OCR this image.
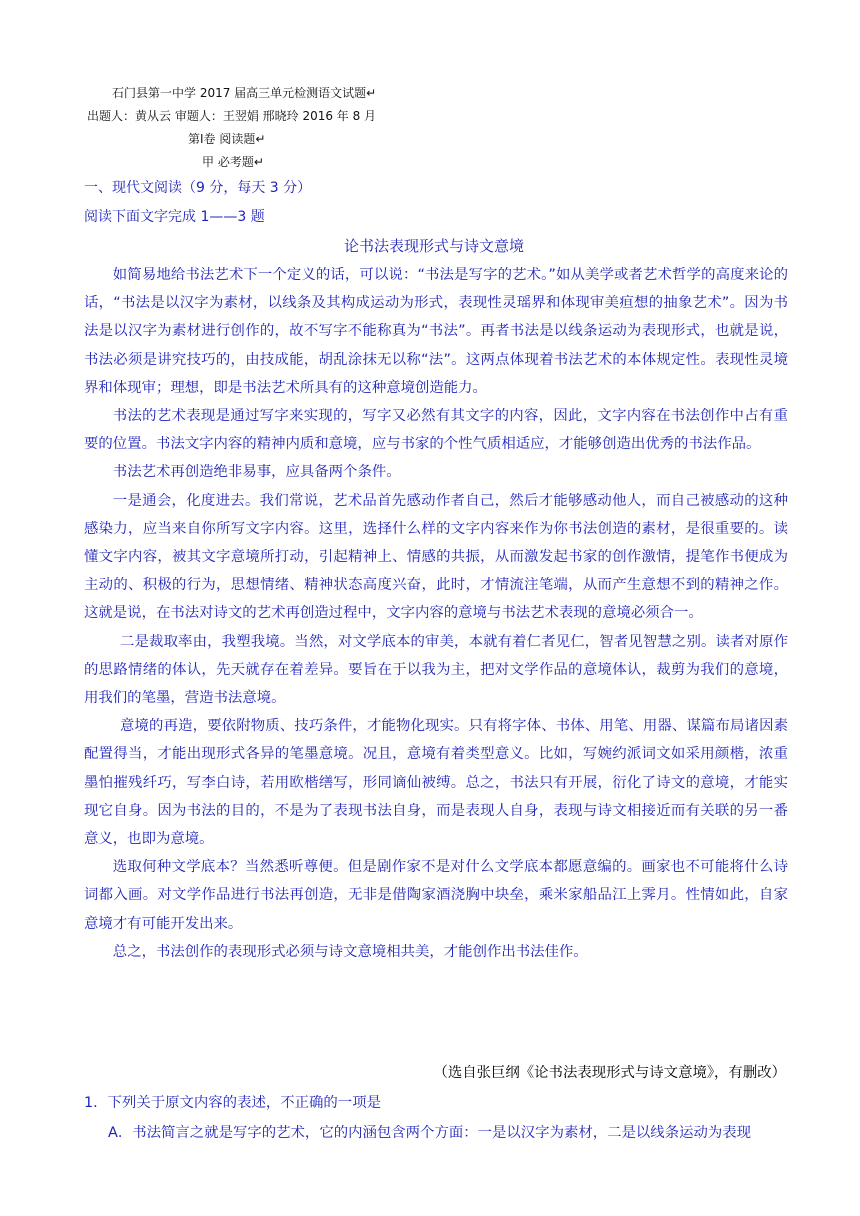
石门县第一中学 2017 届高三单元检测语文试题↵
出题人：黄从云 审题人：王翌娟 邢晓玲 2016 年 8 月
第Ⅰ卷 阅读题↵
甲 必考题↵
一、现代文阅读（9 分，每天 3 分）
阅读下面文字完成 1——3 题
论书法表现形式与诗文意境

如简易地给书法艺术下一个定义的话，可以说：“书法是写字的艺术。”如从美学或者艺术哲学的高度来论的话，“书法是以汉字为素材，以线条及其构成运动为形式，表现性灵瑶界和体现审美疸想的抽象艺术”。因为书法是以汉字为素材进行创作的，故不写字不能称真为“书法”。再者书法是以线条运动为表现形式，也就是说，书法必须是讲究技巧的，由技成能，胡乱涂抹无以称“法”。这两点体现着书法艺术的本体规定性。表现性灵境界和体现审；理想，即是书法艺术所具有的这种意境创造能力。

书法的艺术表现是通过写字来实现的，写字又必然有其文字的内容，因此，文字内容在书法创作中占有重要的位置。书法文字内容的精神内质和意境，应与书家的个性气质相适应，才能够创造出优秀的书法作品。

书法艺术再创造绝非易事，应具备两个条件。

一是通会，化度进去。我们常说，艺术品首先感动作者自己，然后才能够感动他人，而自己被感动的这种感染力，应当来自你所写文字内容。这里，选择什么样的文字内容来作为你书法创造的素材，是很重要的。读懂文字内容，被其文字意境所打动，引起精神上、情感的共振，从而激发起书家的创作激情，提笔作书便成为主动的、积极的行为，思想情绪、精神状态高度兴奋，此时，才情流注笔端，从而产生意想不到的精神之作。这就是说，在书法对诗文的艺术再创造过程中，文字内容的意境与书法艺术表现的意境必须合一。

二是裁取率由，我塑我境。当然，对文学底本的审美，本就有着仁者见仁，智者见智慧之别。读者对原作的思路情绪的体认，先天就存在着差异。要旨在于以我为主，把对文学作品的意境体认，裁剪为我们的意境，用我们的笔墨，营造书法意境。

意境的再造，要依附物质、技巧条件，才能物化现实。只有将字体、书体、用笔、用器、谋篇布局诸因素配置得当，才能出现形式各异的笔墨意境。况且，意境有着类型意义。比如，写婉约派词文如采用颜楷，浓重墨怕摧残纤巧，写李白诗，若用欧楷缮写，形同谪仙被缚。总之，书法只有开展，衍化了诗文的意境，才能实现它自身。因为书法的目的，不是为了表现书法自身，而是表现人自身，表现与诗文相接近而有关联的另一番意义，也即为意境。

选取何种文学底本？当然悉听尊便。但是剧作家不是对什么文学底本都愿意编的。画家也不可能将什么诗词都入画。对文学作品进行书法再创造，无非是借陶家酒浇胸中块垒，乘米家船品江上霁月。性情如此，自家意境才有可能开发出来。

总之，书法创作的表现形式必须与诗文意境相共美，才能创作出书法佳作。

（选自张巨纲《论书法表现形式与诗文意境》，有删改）
1．下列关于原文内容的表述，不正确的一项是
A．书法简言之就是写字的艺术，它的内涵包含两个方面：一是以汉字为素材，二是以线条运动为表现
